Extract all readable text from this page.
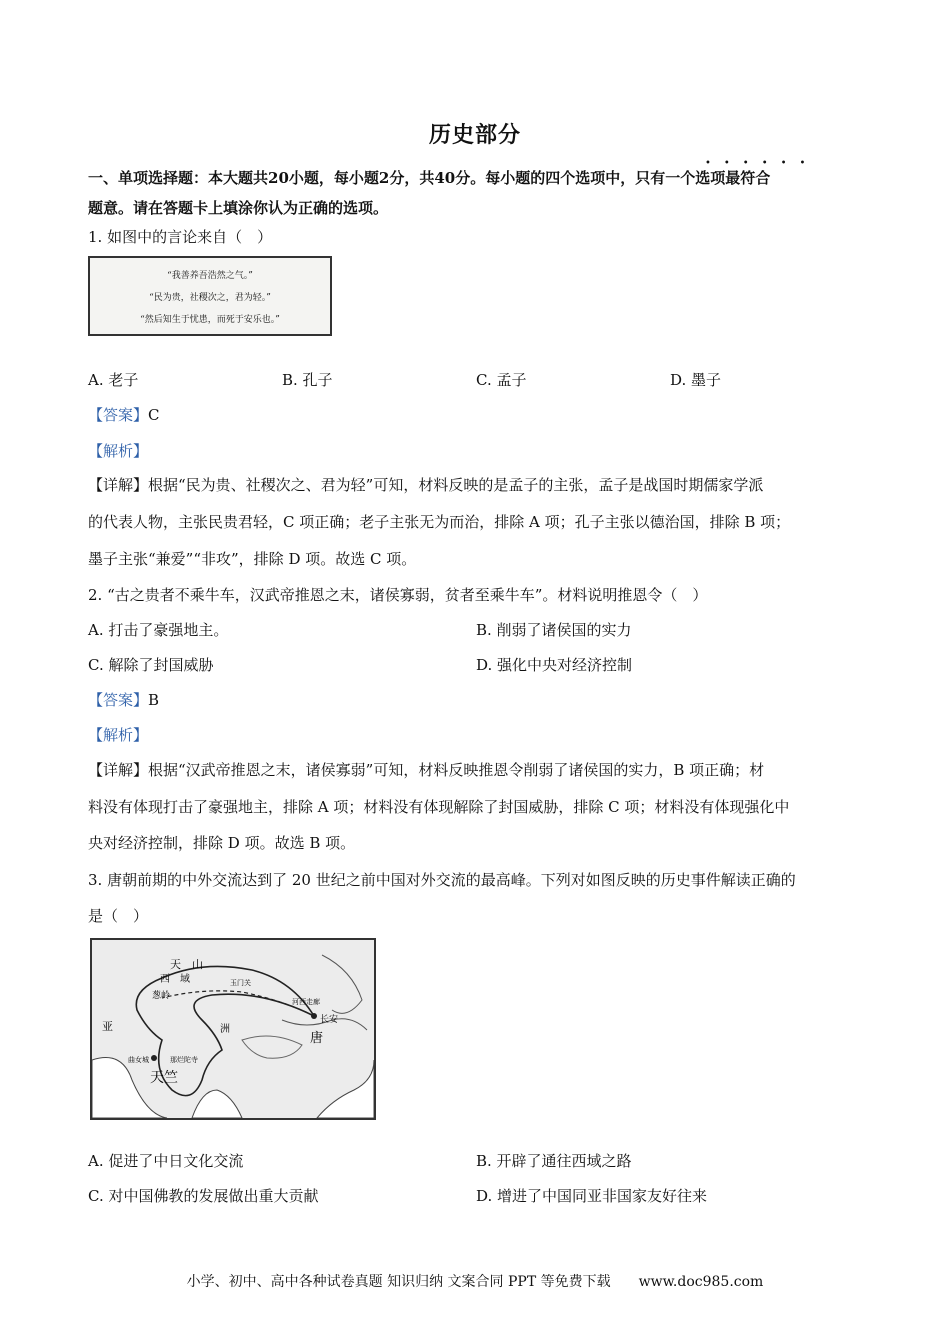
历史部分
一、单项选择题：本大题共20小题，每小题2分，共40分。每小题的四个选项中，只有一个选项最符合
••••••
题意。请在答题卡上填涂你认为正确的选项。
1. 如图中的言论来自（　）
“我善养吾浩然之气。”
“民为贵，社稷次之，君为轻。”
“然后知生于忧患，而死于安乐也。”
A. 老子	B. 孔子	C. 孟子	D. 墨子
【答案】C
【解析】
【详解】根据“民为贵、社稷次之、君为轻”可知，材料反映的是孟子的主张，孟子是战国时期儒家学派
的代表人物，主张民贵君轻，C 项正确；老子主张无为而治，排除 A 项；孔子主张以德治国，排除 B 项；
墨子主张“兼爱”“非攻”，排除 D 项。故选 C 项。
2. “古之贵者不乘牛车，汉武帝推恩之末，诸侯寡弱，贫者至乘牛车”。材料说明推恩令（　）
A. 打击了豪强地主。	B. 削弱了诸侯国的实力
C. 解除了封国威胁	D. 强化中央对经济控制
【答案】B
【解析】
【详解】根据“汉武帝推恩之末，诸侯寡弱”可知，材料反映推恩令削弱了诸侯国的实力，B 项正确；材
料没有体现打击了豪强地主，排除 A 项；材料没有体现解除了封国威胁，排除 C 项；材料没有体现强化中
央对经济控制，排除 D 项。故选 B 项。
3. 唐朝前期的中外交流达到了 20 世纪之前中国对外交流的最高峰。下列对如图反映的历史事件解读正确的
是（　）
天　山
西　域
葱岭
玉门关
河西走廊
长安
唐
亚	洲
曲女城	那烂陀寺
天竺
A. 促进了中日文化交流	B. 开辟了通往西域之路
C. 对中国佛教的发展做出重大贡献	D. 增进了中国同亚非国家友好往来
小学、初中、高中各种试卷真题 知识归纳 文案合同 PPT 等免费下载　　www.doc985.com
